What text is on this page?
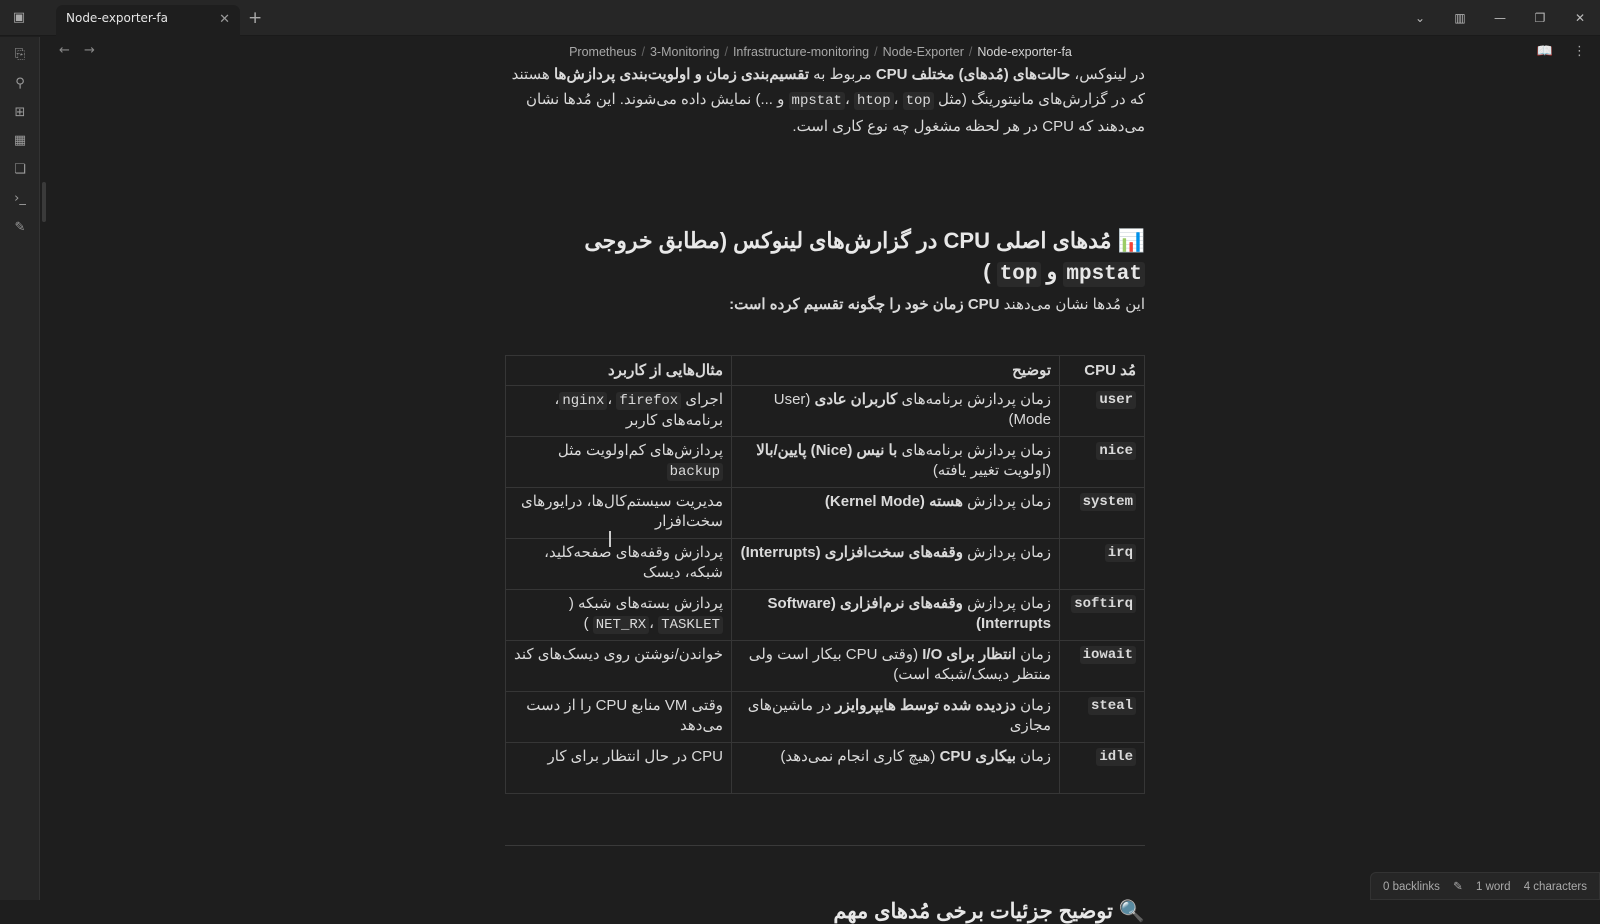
▣	Node-exporter-fa	✕ +	⌄	▥	—	❐	✕
⎘
⚲
⊞
▦
❏
›_
✎
← →	Prometheus / 3-Monitoring / Infrastructure-monitoring / Node-Exporter / Node-exporter-fa	📖 ⋮

در لینوکس، حالت‌های (مُدهای) مختلف CPU مربوط به تقسیم‌بندی زمان و اولویت‌بندی پردازش‌ها هستند که در گزارش‌های مانیتورینگ (مثل mpstat ، htop ، top و ...) نمایش داده می‌شوند. این مُدها نشان می‌دهند که CPU در هر لحظه مشغول چه نوع کاری است.

📊 مُدهای اصلی CPU در گزارش‌های لینوکس (مطابق خروجی mpstat و top )

این مُدها نشان می‌دهند CPU زمان خود را چگونه تقسیم کرده است:

مُد CPU	توضیح	مثال‌هایی از کاربرد
user	زمان پردازش برنامه‌های کاربران عادی (User Mode)	اجرای nginx ، firefox، برنامه‌های کاربر
nice	زمان پردازش برنامه‌های با نیس (Nice) پایین/بالا (اولویت تغییر یافته)	پردازش‌های کم‌اولویت مثل backup
system	زمان پردازش هسته (Kernel Mode)	مدیریت سیستم‌کال‌ها، درایورهای سخت‌افزار
irq	زمان پردازش وقفه‌های سخت‌افزاری (Interrupts)	پردازش وقفه‌های صفحه‌کلید، شبکه، دیسک
softirq	زمان پردازش وقفه‌های نرم‌افزاری (Software Interrupts)	پردازش بسته‌های شبکه ( NET_RX ، TASKLET )
iowait	زمان انتظار برای I/O (وقتی CPU بیکار است ولی منتظر دیسک/شبکه است)	خواندن/نوشتن روی دیسک‌های کند
steal	زمان دزدیده شده توسط هایپروایزر در ماشین‌های مجازی	وقتی VM منابع CPU را از دست می‌دهد
idle	زمان بیکاری CPU (هیچ کاری انجام نمی‌دهد)	CPU در حال انتظار برای کار
🔍 توضیح جزئیات برخی مُدهای مهم	0 backlinks ✎ 1 word 4 characters
